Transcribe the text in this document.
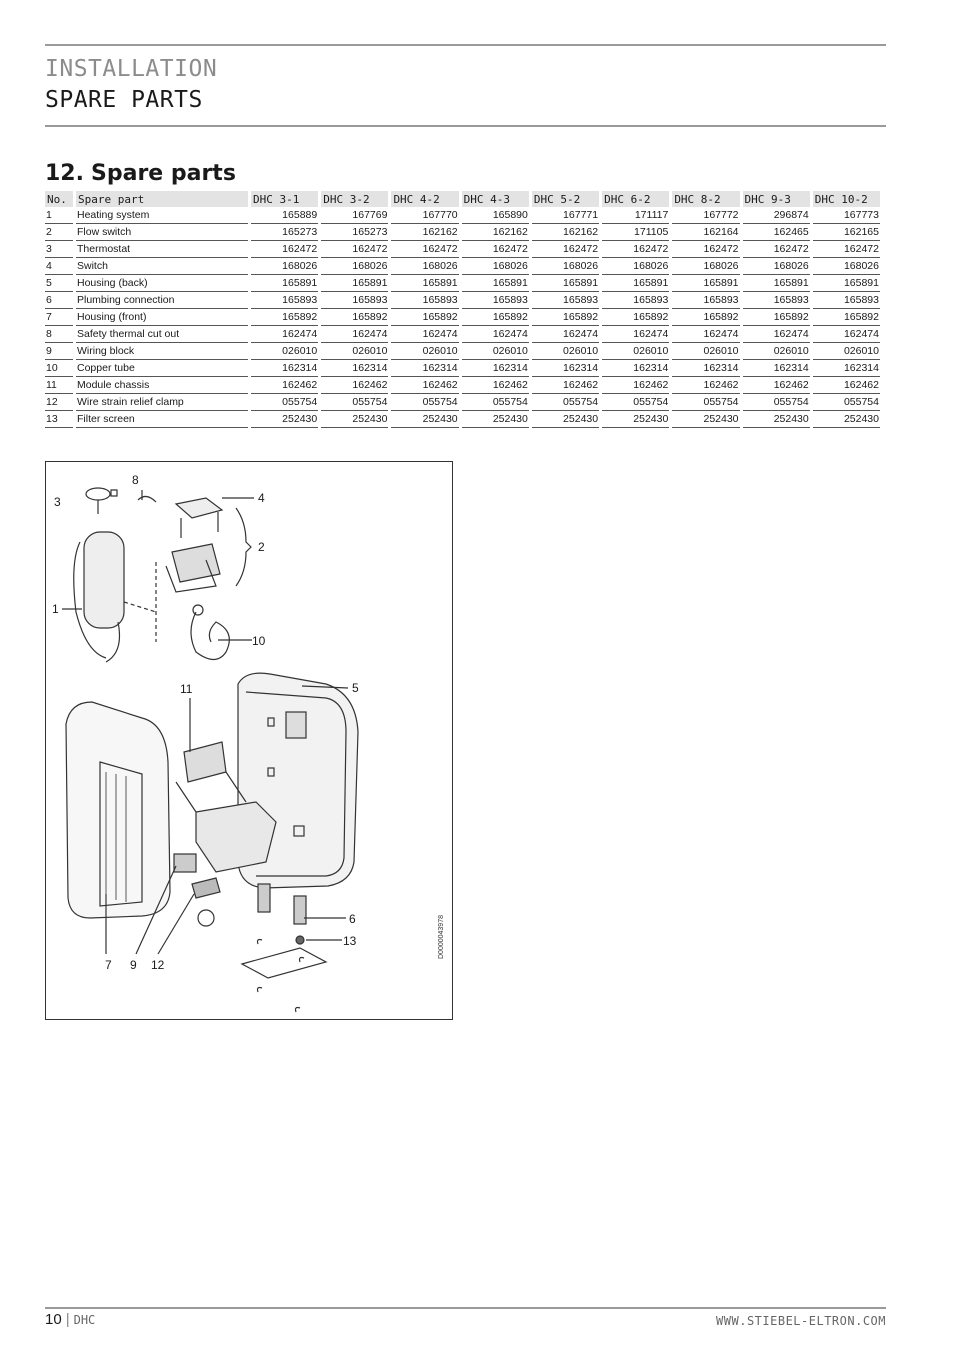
INSTALLATION
SPARE PARTS
12. Spare parts
No.	Spare part	DHC 3-1	DHC 3-2	DHC 4-2	DHC 4-3	DHC 5-2	DHC 6-2	DHC 8-2	DHC 9-3	DHC 10-2
1	Heating system	165889	167769	167770	165890	167771	171117	167772	296874	167773
2	Flow switch	165273	165273	162162	162162	162162	171105	162164	162465	162165
3	Thermostat	162472	162472	162472	162472	162472	162472	162472	162472	162472
4	Switch	168026	168026	168026	168026	168026	168026	168026	168026	168026
5	Housing (back)	165891	165891	165891	165891	165891	165891	165891	165891	165891
6	Plumbing connection	165893	165893	165893	165893	165893	165893	165893	165893	165893
7	Housing (front)	165892	165892	165892	165892	165892	165892	165892	165892	165892
8	Safety thermal cut out	162474	162474	162474	162474	162474	162474	162474	162474	162474
9	Wiring block	026010	026010	026010	026010	026010	026010	026010	026010	026010
10	Copper tube	162314	162314	162314	162314	162314	162314	162314	162314	162314
11	Module chassis	162462	162462	162462	162462	162462	162462	162462	162462	162462
12	Wire strain relief clamp	055754	055754	055754	055754	055754	055754	055754	055754	055754
13	Filter screen	252430	252430	252430	252430	252430	252430	252430	252430	252430
3
8
4
2
1
10
11	5
6
13
7 9 12
D0000043978
10 | DHC	WWW.STIEBEL-ELTRON.COM
